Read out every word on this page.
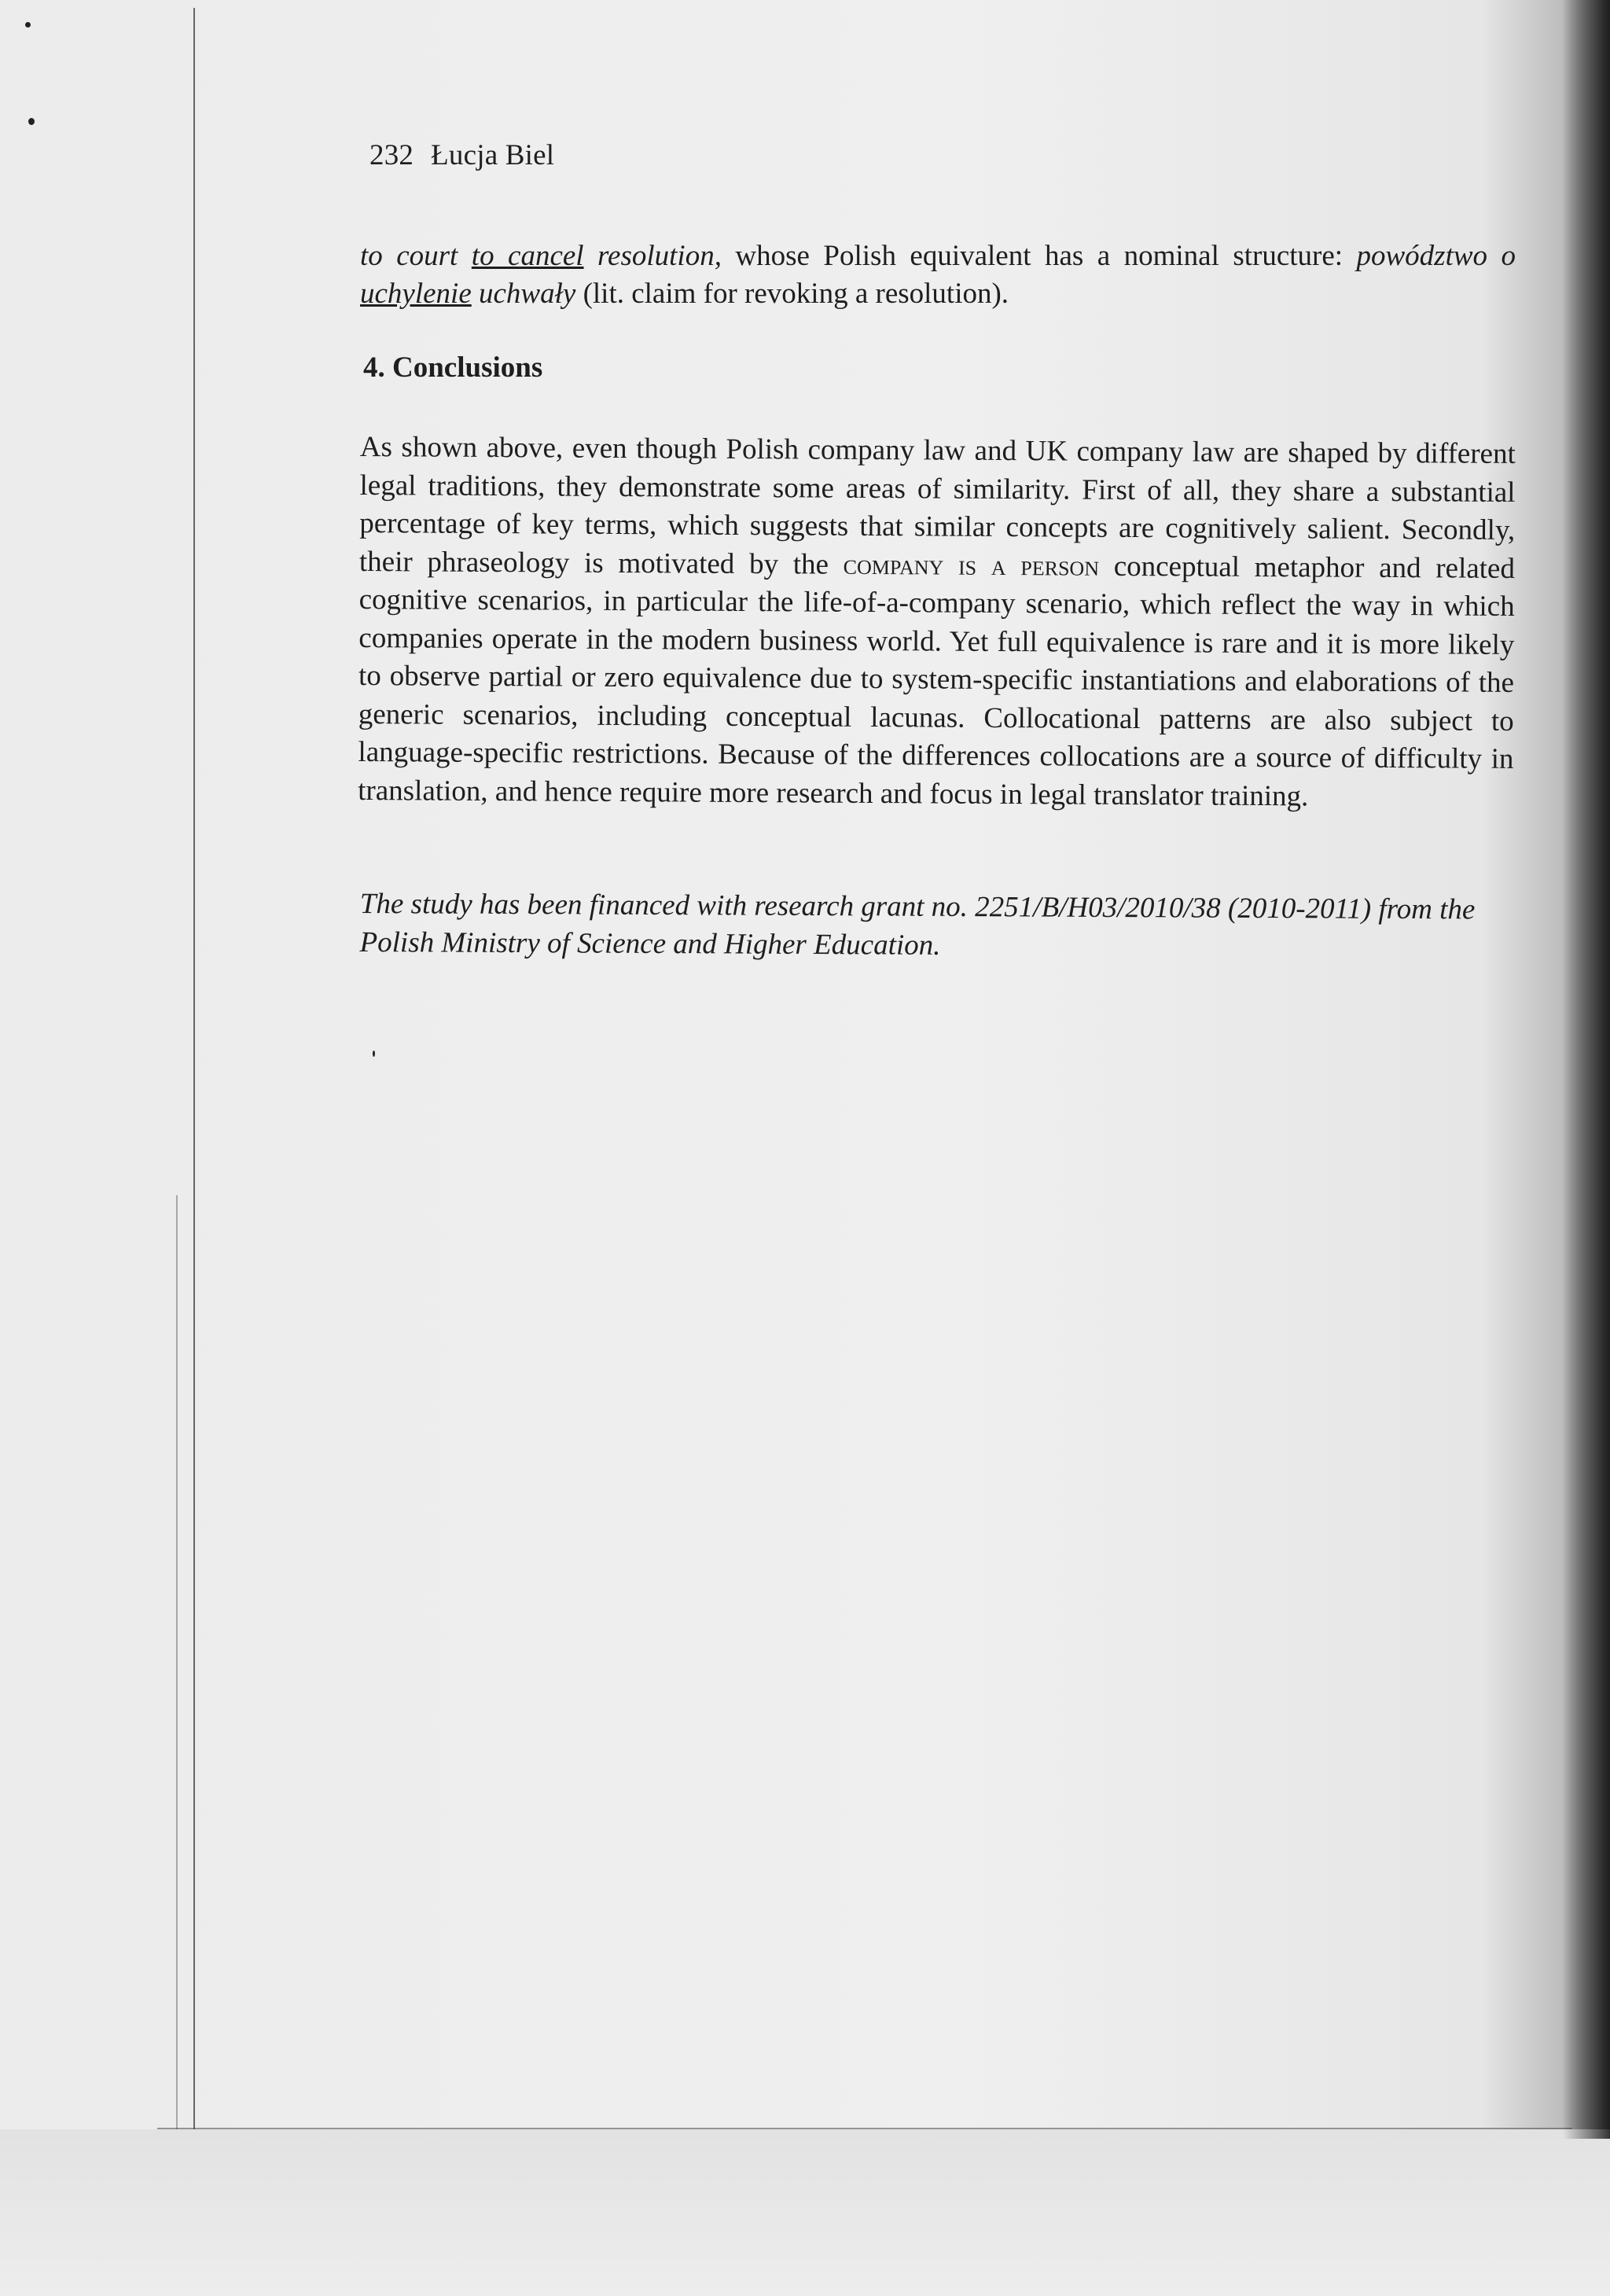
232 Łucja Biel
to court to cancel resolution, whose Polish equivalent has a nominal structure: powództwo o uchylenie uchwały (lit. claim for revoking a resolution).
4. Conclusions
As shown above, even though Polish company law and UK company law are shaped by different legal traditions, they demonstrate some areas of similarity. First of all, they share a substantial percentage of key terms, which suggests that similar concepts are cognitively salient. Secondly, their phraseology is motivated by the company is a person conceptual metaphor and related cognitive scenarios, in particular the life-of-a-company scenario, which reflect the way in which companies operate in the modern business world. Yet full equivalence is rare and it is more likely to observe partial or zero equivalence due to system-specific instantiations and elaborations of the generic scenarios, including conceptual lacunas. Collocational patterns are also subject to language-specific restrictions. Because of the differences collocations are a source of difficulty in translation, and hence require more research and focus in legal translator training.
The study has been financed with research grant no. 2251/B/H03/2010/38 (2010-2011) from the Polish Ministry of Science and Higher Education.
